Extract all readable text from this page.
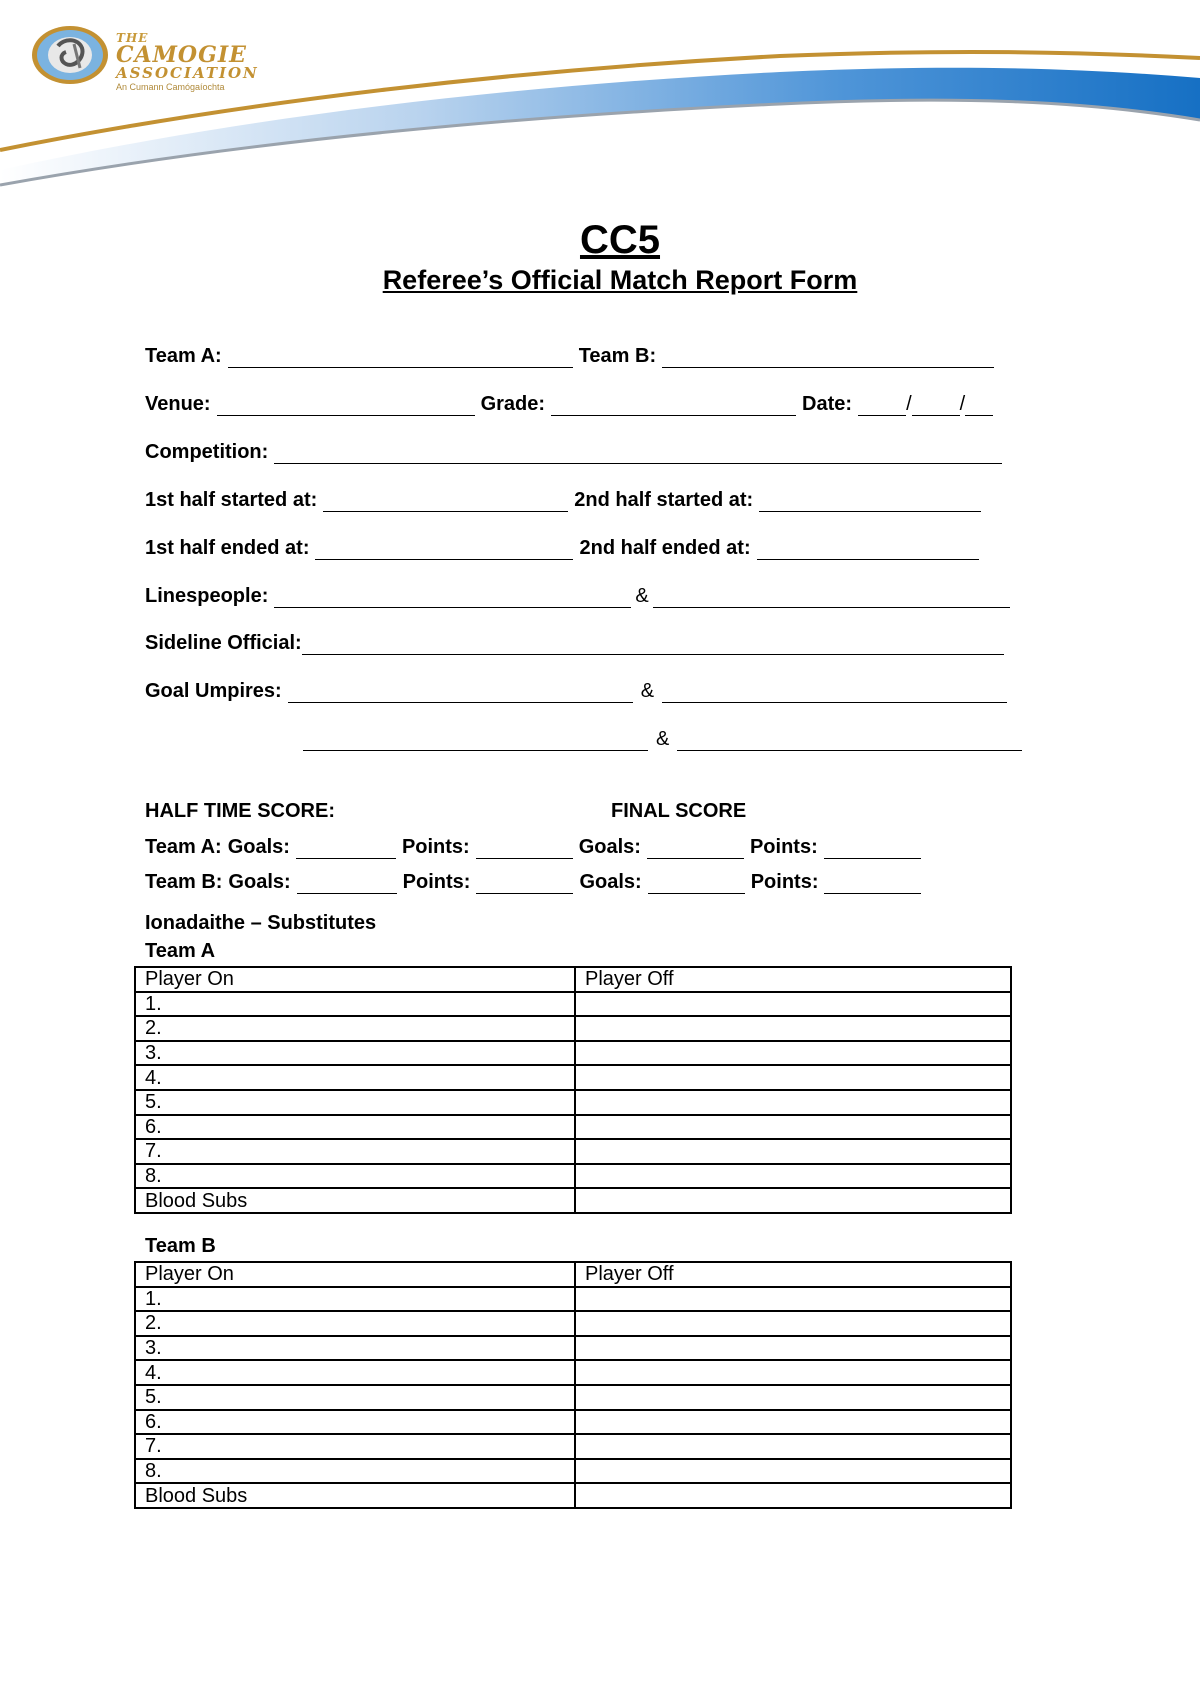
THE
CAMOGIE
ASSOCIATION
An Cumann Camógaíochta
CC5
Referee’s Official Match Report Form
Team A:	Team B:
Venue:	Grade:	Date:	/ /
Competition:
1st half started at:	2nd half started at:
1st half ended at:	2nd half ended at:
Linespeople:	&
Sideline Official:
Goal Umpires:	&
&
HALF TIME SCORE:	FINAL SCORE
Team A: Goals:	Points:	Goals:	Points:
Team B: Goals:	Points:	Goals:	Points:
Ionadaithe – Substitutes
Team A
Player On	Player Off
1.	
2.	
3.	
4.	
5.	
6.	
7.	
8.	
Blood Subs	
Team B
Player On	Player Off
1.	
2.	
3.	
4.	
5.	
6.	
7.	
8.	
Blood Subs	
